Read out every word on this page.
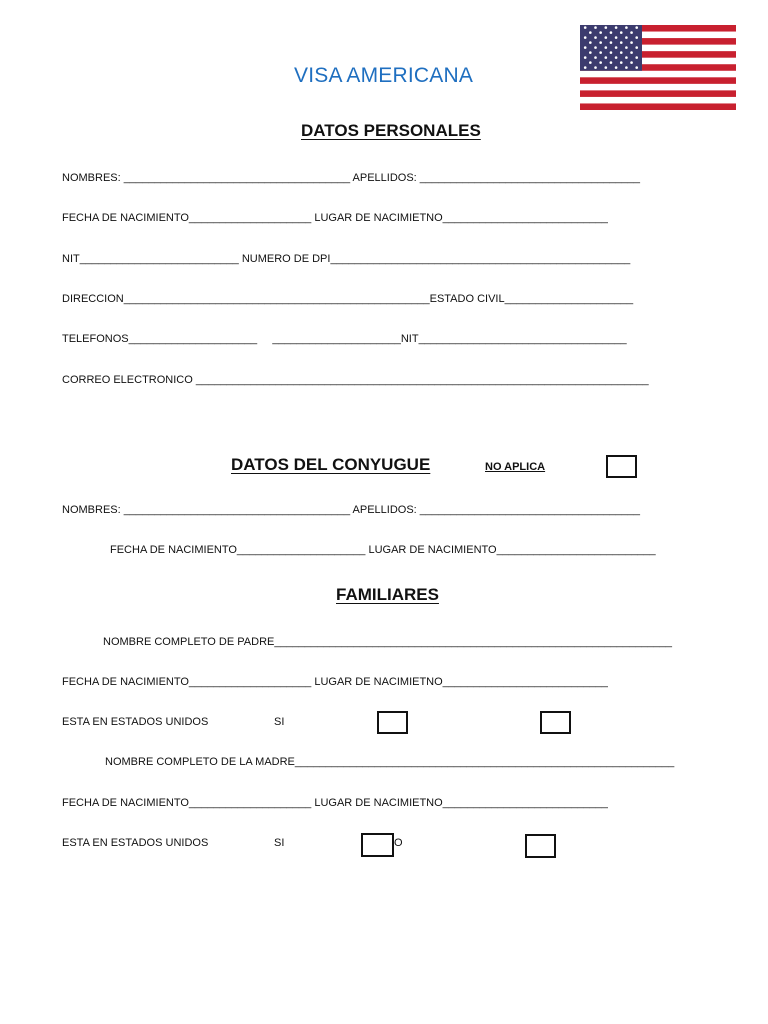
VISA AMERICANA
DATOS PERSONALES
NOMBRES: _____________________________________ APELLIDOS: ____________________________________
FECHA DE NACIMIENTO____________________ LUGAR DE NACIMIETNO___________________________
NIT__________________________ NUMERO DE DPI_________________________________________________
DIRECCION__________________________________________________ESTADO CIVIL_____________________
TELEFONOS_____________________     _____________________NIT__________________________________
CORREO ELECTRONICO __________________________________________________________________________
DATOS DEL CONYUGUE	NO APLICA
NOMBRES: _____________________________________ APELLIDOS: ____________________________________
FECHA DE NACIMIENTO_____________________ LUGAR DE NACIMIENTO__________________________
FAMILIARES
NOMBRE COMPLETO DE PADRE_________________________________________________________________
FECHA DE NACIMIENTO____________________ LUGAR DE NACIMIETNO___________________________
ESTA EN ESTADOS UNIDOS	SI
NOMBRE COMPLETO DE LA MADRE______________________________________________________________
FECHA DE NACIMIENTO____________________ LUGAR DE NACIMIETNO___________________________
ESTA EN ESTADOS UNIDOS	SI	O
